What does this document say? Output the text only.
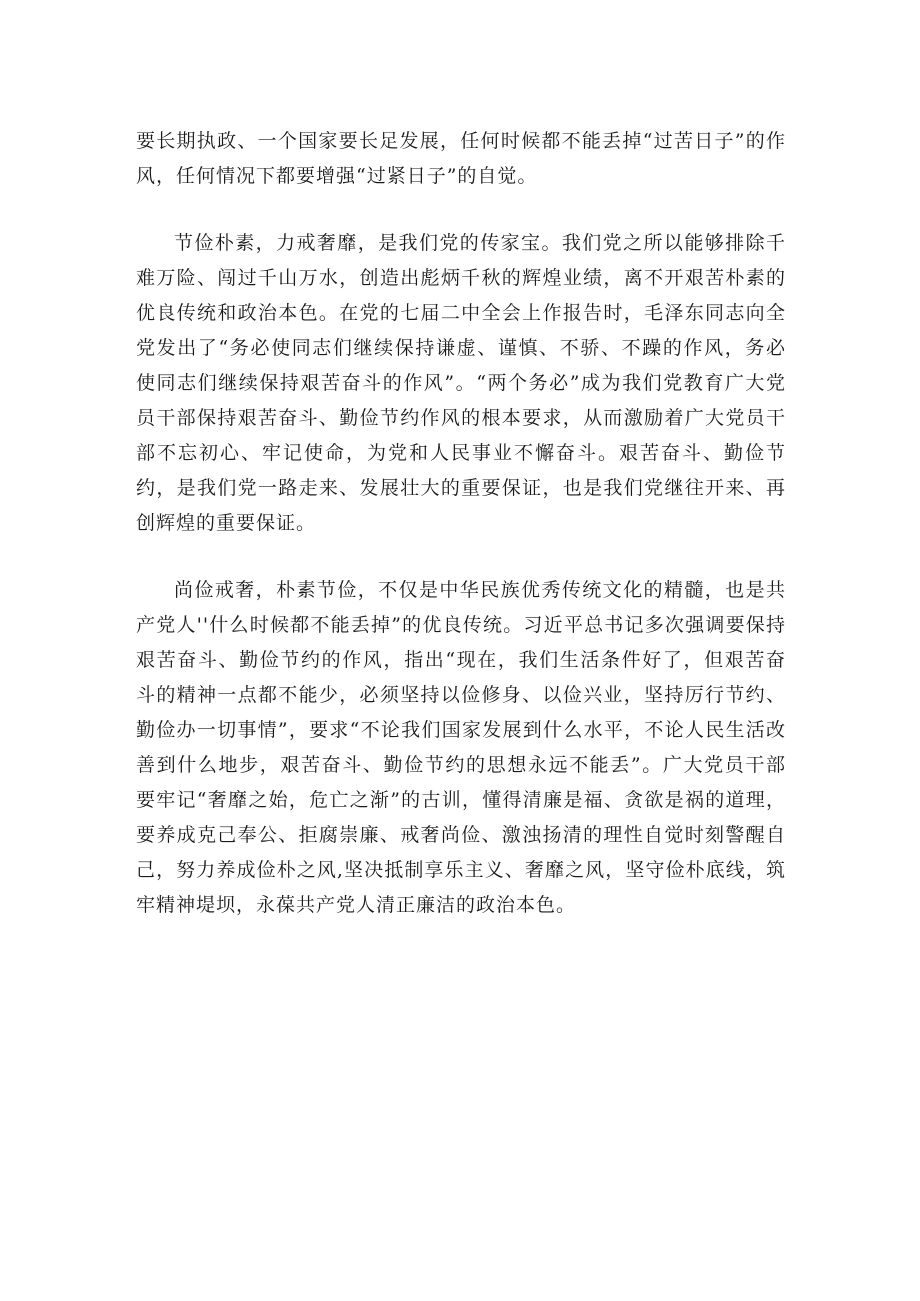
要长期执政、一个国家要长足发展，任何时候都不能丢掉“过苦日子”的作风，任何情况下都要增强“过紧日子”的自觉。

节俭朴素，力戒奢靡，是我们党的传家宝。我们党之所以能够排除千难万险、闯过千山万水，创造出彪炳千秋的辉煌业绩，离不开艰苦朴素的优良传统和政治本色。在党的七届二中全会上作报告时，毛泽东同志向全党发出了“务必使同志们继续保持谦虚、谨慎、不骄、不躁的作风，务必使同志们继续保持艰苦奋斗的作风”。“两个务必”成为我们党教育广大党员干部保持艰苦奋斗、勤俭节约作风的根本要求，从而激励着广大党员干部不忘初心、牢记使命，为党和人民事业不懈奋斗。艰苦奋斗、勤俭节约，是我们党一路走来、发展壮大的重要保证，也是我们党继往开来、再创辉煌的重要保证。

尚俭戒奢，朴素节俭，不仅是中华民族优秀传统文化的精髓，也是共产党人''什么时候都不能丢掉”的优良传统。习近平总书记多次强调要保持艰苦奋斗、勤俭节约的作风，指出“现在，我们生活条件好了，但艰苦奋斗的精神一点都不能少，必须坚持以俭修身、以俭兴业，坚持厉行节约、勤俭办一切事情”，要求“不论我们国家发展到什么水平，不论人民生活改善到什么地步，艰苦奋斗、勤俭节约的思想永远不能丢”。广大党员干部要牢记“奢靡之始，危亡之渐”的古训，懂得清廉是福、贪欲是祸的道理，要养成克己奉公、拒腐崇廉、戒奢尚俭、激浊扬清的理性自觉时刻警醒自己，努力养成俭朴之风,坚决抵制享乐主义、奢靡之风，坚守俭朴底线，筑牢精神堤坝，永葆共产党人清正廉洁的政治本色。
